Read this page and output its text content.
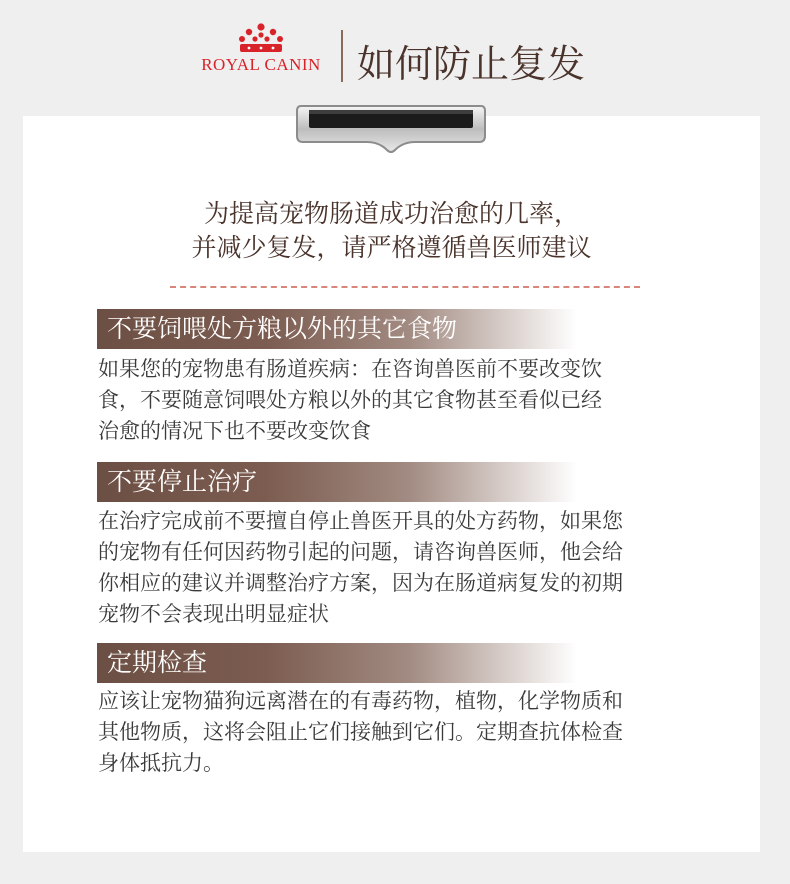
ROYAL CANIN 如何防止复发
为提高宠物肠道成功治愈的几率，
并减少复发，请严格遵循兽医师建议
不要饲喂处方粮以外的其它食物
如果您的宠物患有肠道疾病：在咨询兽医前不要改变饮
食，不要随意饲喂处方粮以外的其它食物甚至看似已经
治愈的情况下也不要改变饮食
不要停止治疗
在治疗完成前不要擅自停止兽医开具的处方药物，如果您
的宠物有任何因药物引起的问题，请咨询兽医师，他会给
你相应的建议并调整治疗方案，因为在肠道病复发的初期
宠物不会表现出明显症状
定期检查
应该让宠物猫狗远离潜在的有毒药物，植物，化学物质和
其他物质，这将会阻止它们接触到它们。定期查抗体检查
身体抵抗力。
